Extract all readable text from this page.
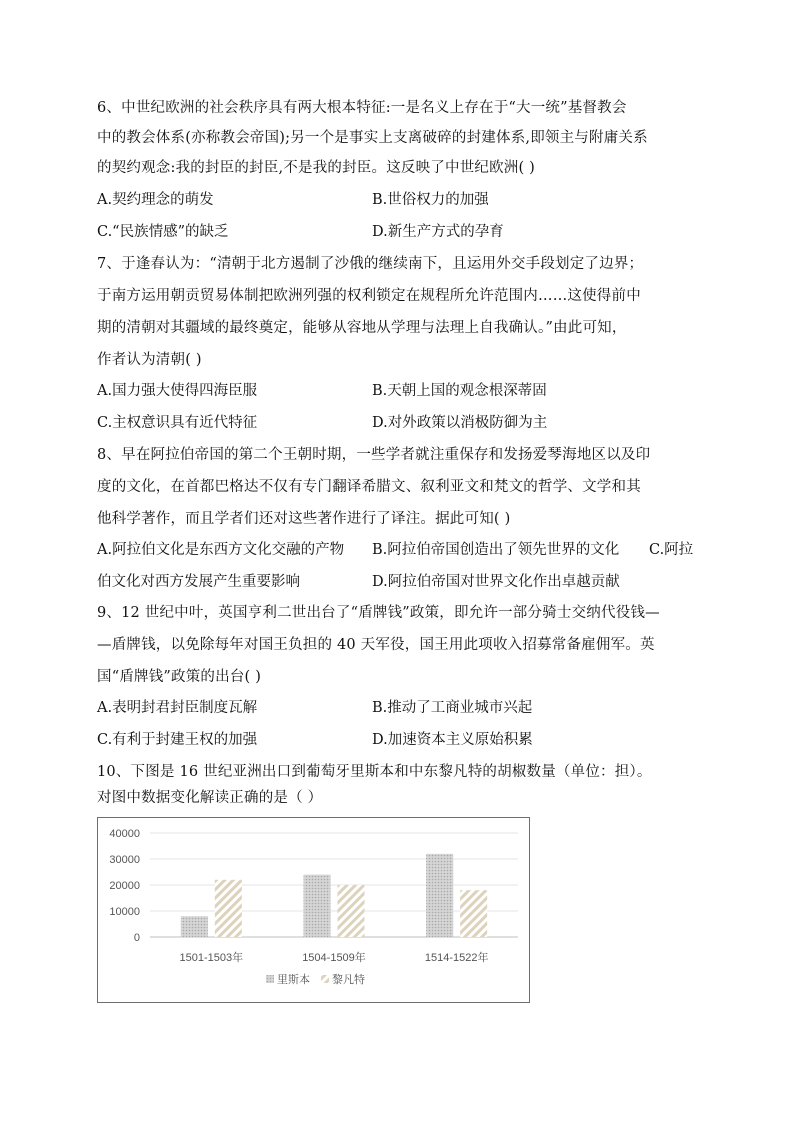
6、中世纪欧洲的社会秩序具有两大根本特征:一是名义上存在于“大一统”基督教会
中的教会体系(亦称教会帝国);另一个是事实上支离破碎的封建体系,即领主与附庸关系
的契约观念:我的封臣的封臣,不是我的封臣。这反映了中世纪欧洲( )
A.契约理念的萌发	B.世俗权力的加强
C.“民族情感”的缺乏	D.新生产方式的孕育
7、于逢春认为：“清朝于北方遏制了沙俄的继续南下，且运用外交手段划定了边界；
于南方运用朝贡贸易体制把欧洲列强的权利锁定在规程所允许范围内……这使得前中
期的清朝对其疆域的最终奠定，能够从容地从学理与法理上自我确认。”由此可知，
作者认为清朝( )
A.国力强大使得四海臣服	B.天朝上国的观念根深蒂固
C.主权意识具有近代特征	D.对外政策以消极防御为主
8、早在阿拉伯帝国的第二个王朝时期，一些学者就注重保存和发扬爱琴海地区以及印
度的文化，在首都巴格达不仅有专门翻译希腊文、叙利亚文和梵文的哲学、文学和其
他科学著作，而且学者们还对这些著作进行了译注。据此可知( )
A.阿拉伯文化是东西方文化交融的产物 B.阿拉伯帝国创造出了领先世界的文化 C.阿拉
伯文化对西方发展产生重要影响	D.阿拉伯帝国对世界文化作出卓越贡献
9、12 世纪中叶，英国亨利二世出台了“盾牌钱”政策，即允许一部分骑士交纳代役钱—
—盾牌钱，以免除每年对国王负担的 40 天军役，国王用此项收入招募常备雇佣军。英
国“盾牌钱”政策的出台( )
A.表明封君封臣制度瓦解	B.推动了工商业城市兴起
C.有利于封建王权的加强	D.加速资本主义原始积累
10、下图是 16 世纪亚洲出口到葡萄牙里斯本和中东黎凡特的胡椒数量（单位：担）。
对图中数据变化解读正确的是（ ）
0
10000
20000
30000
40000
1501-1503年	1504-1509年	1514-1522年
里斯本 黎凡特
